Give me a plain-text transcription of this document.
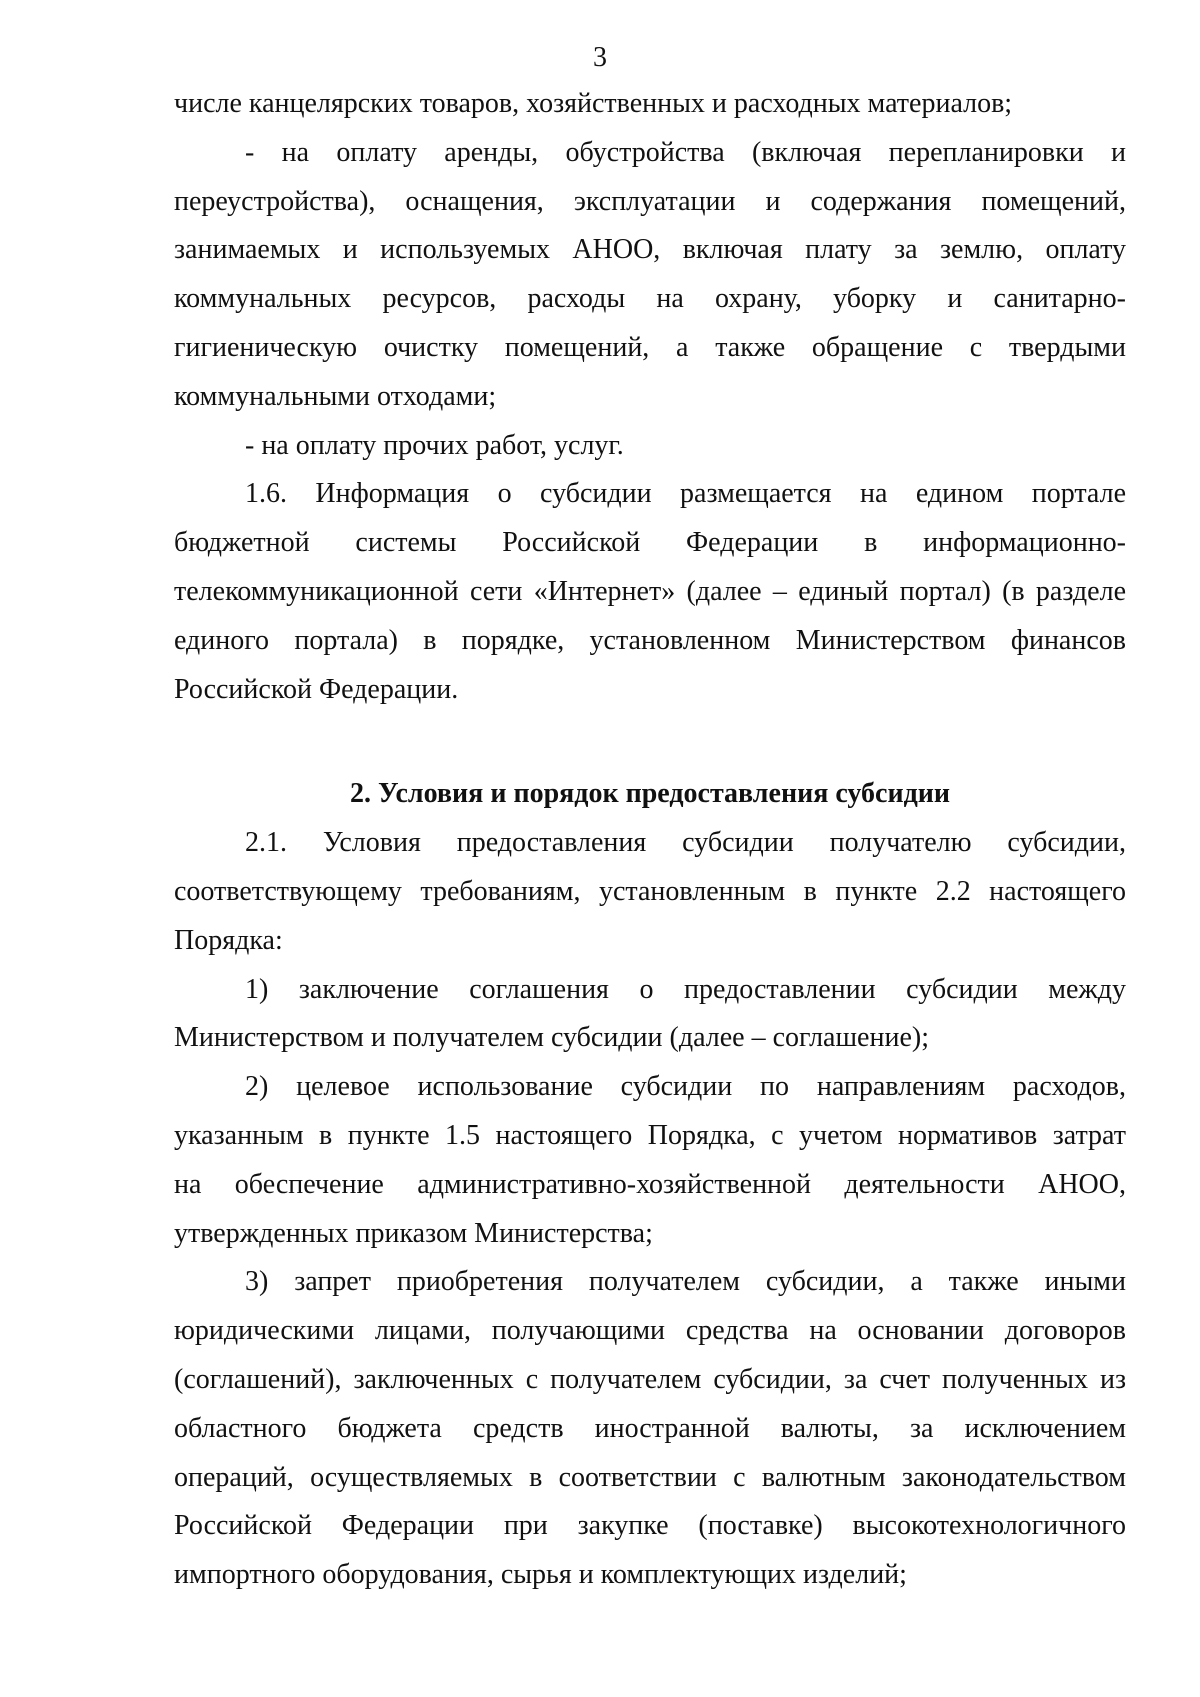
3
числе канцелярских товаров, хозяйственных и расходных материалов;
- на оплату аренды, обустройства (включая перепланировки и
переустройства), оснащения, эксплуатации и содержания помещений,
занимаемых и используемых АНОО, включая плату за землю, оплату
коммунальных ресурсов, расходы на охрану, уборку и санитарно-
гигиеническую очистку помещений, а также обращение с твердыми
коммунальными отходами;
- на оплату прочих работ, услуг.
1.6. Информация о субсидии размещается на едином портале
бюджетной системы Российской Федерации в информационно-
телекоммуникационной сети «Интернет» (далее – единый портал) (в разделе
единого портала) в порядке, установленном Министерством финансов
Российской Федерации.
2. Условия и порядок предоставления субсидии
2.1. Условия предоставления субсидии получателю субсидии,
соответствующему требованиям, установленным в пункте 2.2 настоящего
Порядка:
1) заключение соглашения о предоставлении субсидии между
Министерством и получателем субсидии (далее – соглашение);
2) целевое использование субсидии по направлениям расходов,
указанным в пункте 1.5 настоящего Порядка, с учетом нормативов затрат
на обеспечение административно-хозяйственной деятельности АНОО,
утвержденных приказом Министерства;
3) запрет приобретения получателем субсидии, а также иными
юридическими лицами, получающими средства на основании договоров
(соглашений), заключенных с получателем субсидии, за счет полученных из
областного бюджета средств иностранной валюты, за исключением
операций, осуществляемых в соответствии с валютным законодательством
Российской Федерации при закупке (поставке) высокотехнологичного
импортного оборудования, сырья и комплектующих изделий;
